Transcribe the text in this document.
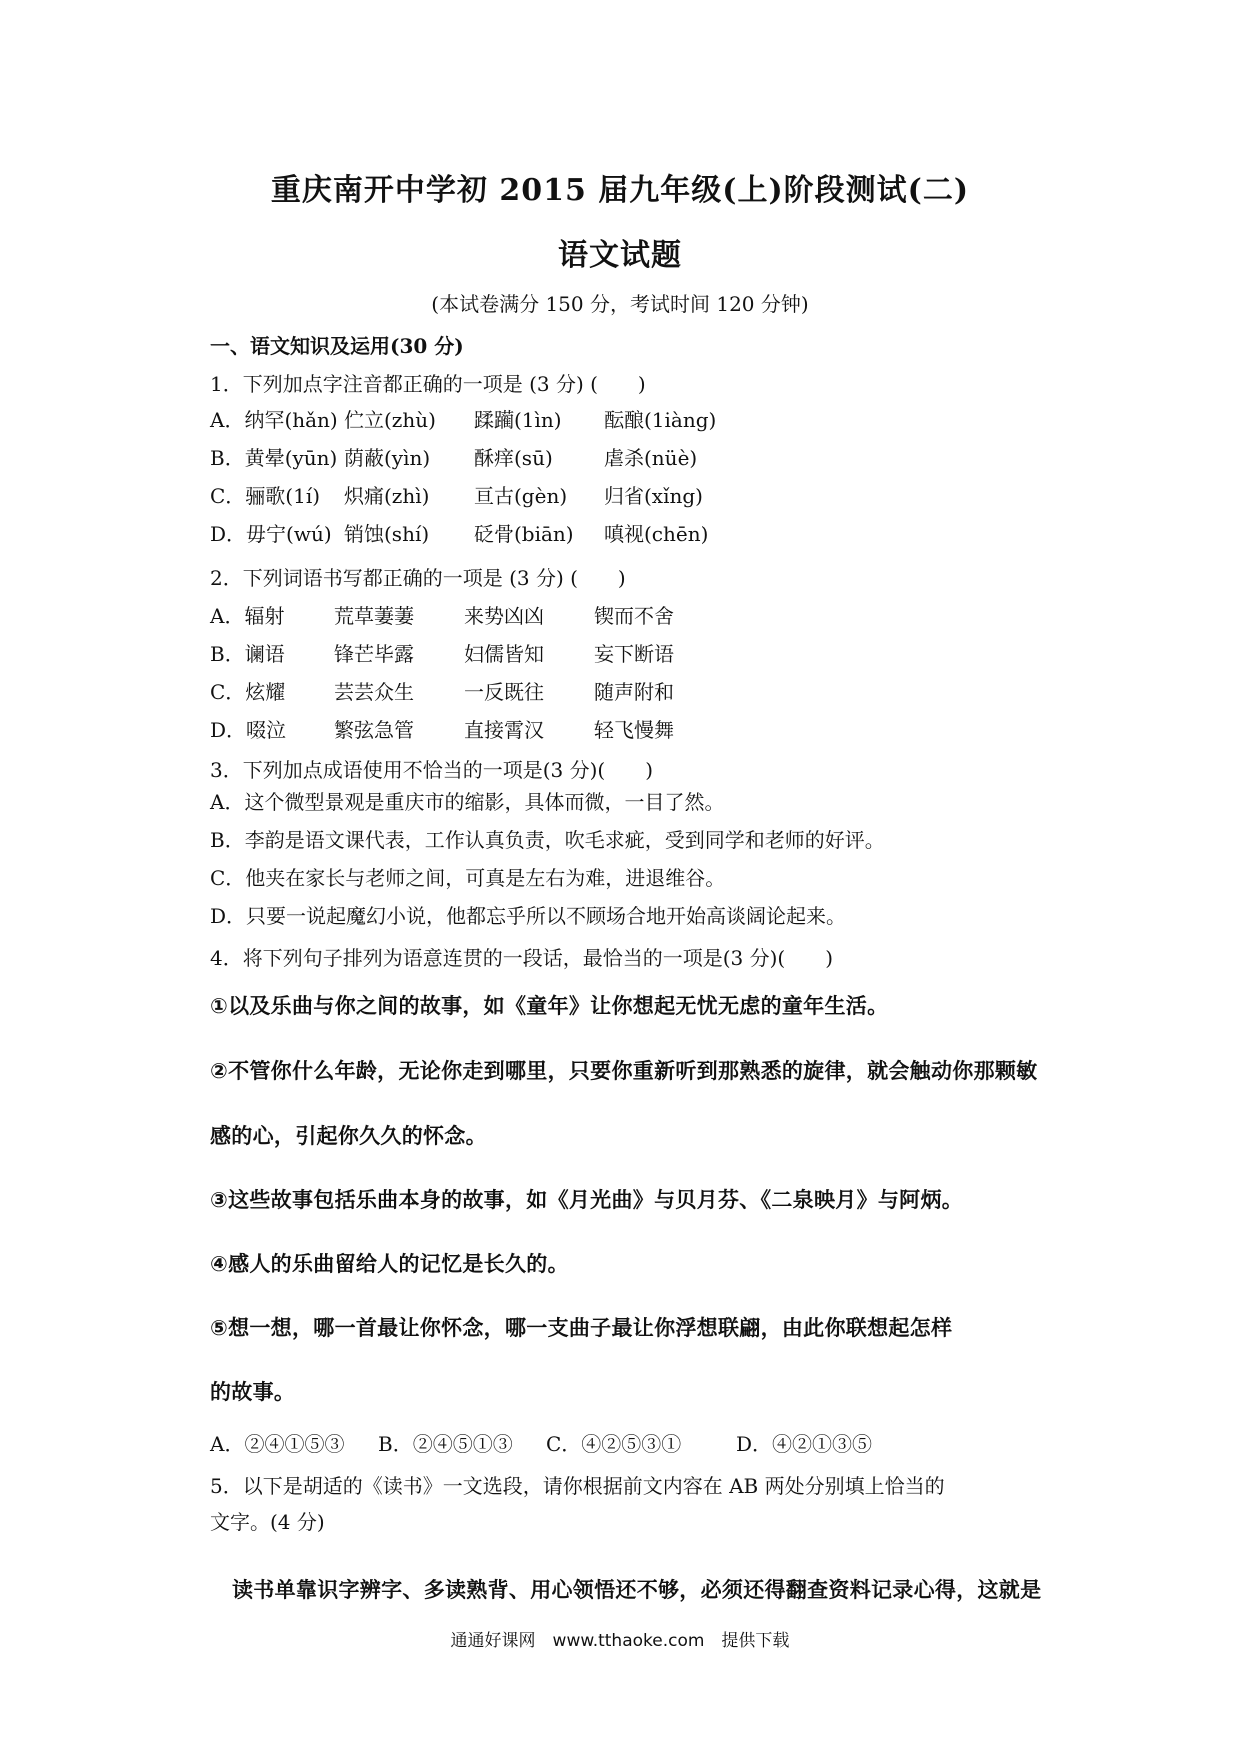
重庆南开中学初 2015 届九年级(上)阶段测试(二)
语文试题
(本试卷满分 150 分，考试时间 120 分钟)
一、语文知识及运用(30 分)
1．下列加点字注音都正确的一项是 (3 分) (　　)
A．纳罕(hǎn) 伫立(zhù) 蹂躏(1ìn) 酝酿(1iàng)
B．黄晕(yūn) 荫蔽(yìn) 酥痒(sū)	虐杀(nüè)
C．骊歌(1í) 炽痛(zhì) 亘古(gèn) 归省(xǐng)
D．毋宁(wú) 销蚀(shí) 砭骨(biān) 嗔视(chēn)
2．下列词语书写都正确的一项是 (3 分) (　　)
A．辐射 荒草萋萋	来势凶凶	锲而不舍
B．谰语 锋芒毕露	妇儒皆知	妄下断语
C．炫耀 芸芸众生	一反既往	随声附和
D．啜泣 繁弦急管	直接霄汉	轻飞慢舞
3．下列加点成语使用不恰当的一项是(3 分)(　　)
A．这个微型景观是重庆市的缩影，具体而微，一目了然。
B．李韵是语文课代表，工作认真负责，吹毛求疵，受到同学和老师的好评。
C．他夹在家长与老师之间，可真是左右为难，进退维谷。
D．只要一说起魔幻小说，他都忘乎所以不顾场合地开始高谈阔论起来。
4．将下列句子排列为语意连贯的一段话，最恰当的一项是(3 分)(　　)
①以及乐曲与你之间的故事，如《童年》让你想起无忧无虑的童年生活。
②不管你什么年龄，无论你走到哪里，只要你重新听到那熟悉的旋律，就会触动你那颗敏
感的心，引起你久久的怀念。
③这些故事包括乐曲本身的故事，如《月光曲》与贝月芬、《二泉映月》与阿炳。
④感人的乐曲留给人的记忆是长久的。
⑤想一想，哪一首最让你怀念，哪一支曲子最让你浮想联翩，由此你联想起怎样
的故事。
A．②④①⑤③ B．②④⑤①③ C．④②⑤③①	D．④②①③⑤
5．以下是胡适的《读书》一文选段，请你根据前文内容在 AB 两处分别填上恰当的
文字。(4 分)
读书单靠识字辨字、多读熟背、用心领悟还不够，必须还得翻查资料记录心得，这就是
通通好课网　www.tthaoke.com　提供下载
